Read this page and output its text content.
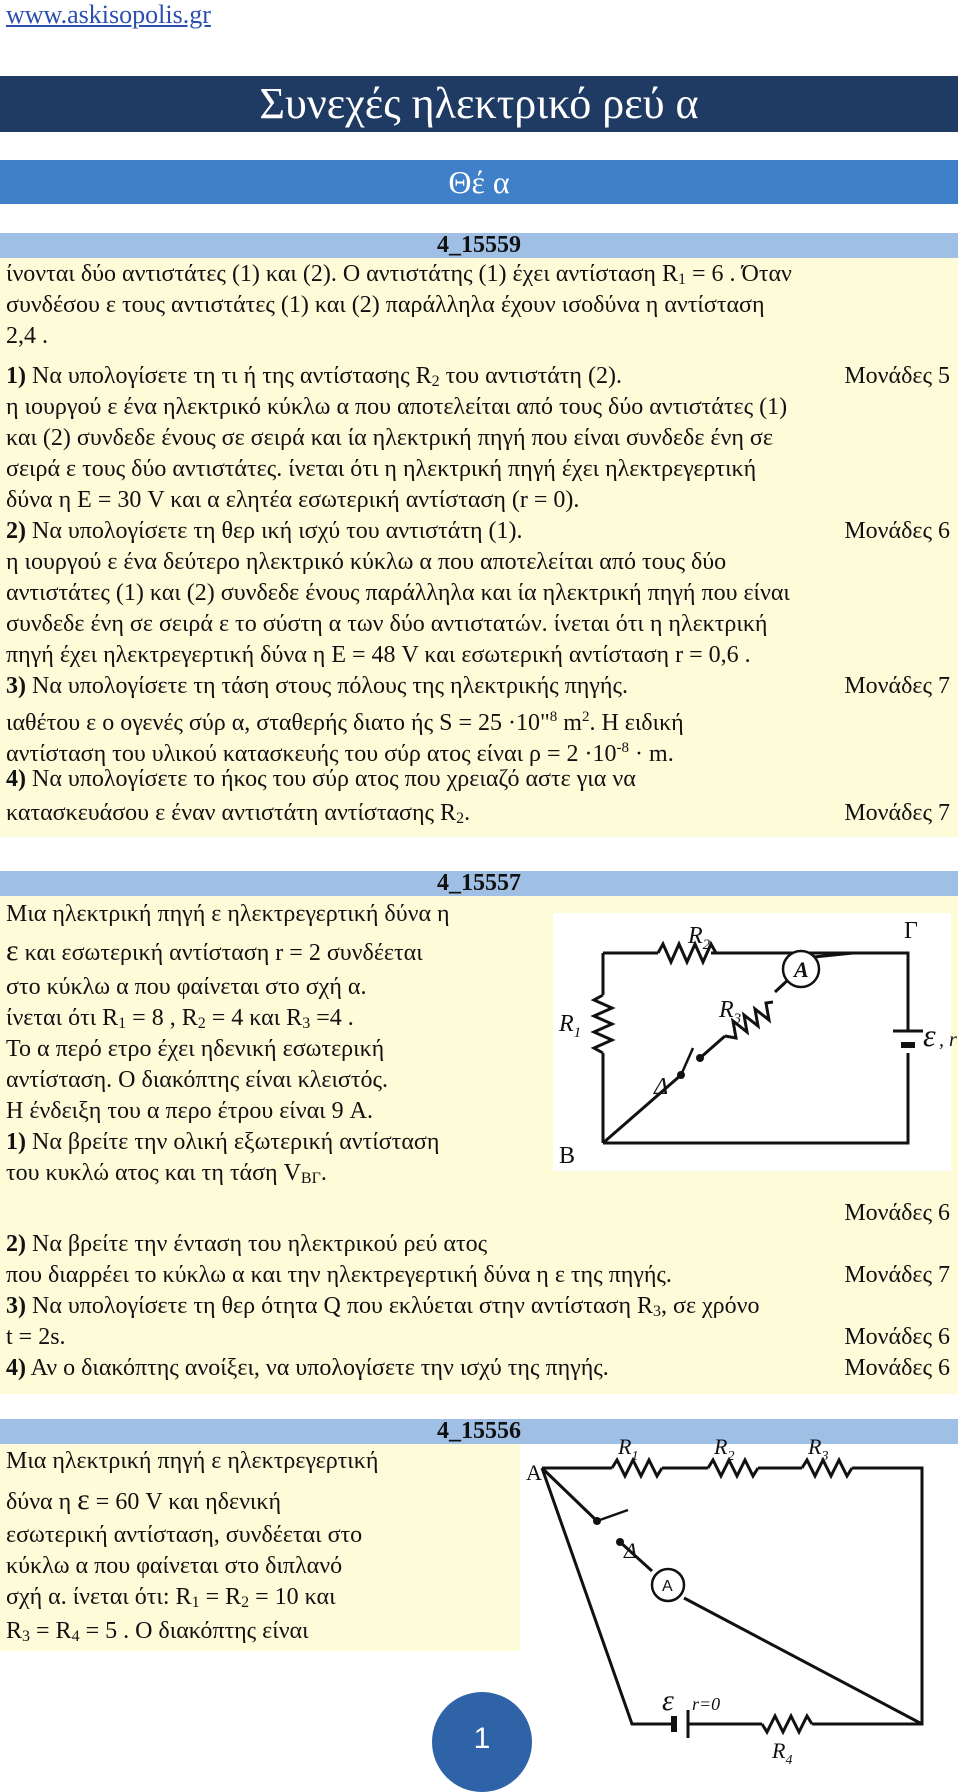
www.askisopolis.gr
Συνεχές ηλεκτρικό ρεύ α
Θέ α
4_15559
ίνονται δύο αντιστάτες (1) και (2). Ο αντιστάτης (1) έχει αντίσταση R1 = 6 . Όταν
συνδέσου ε τους αντιστάτες (1) και (2) παράλληλα έχουν ισοδύνα η αντίσταση
2,4 .
1) Να υπολογίσετε τη τι ή της αντίστασης R2 του αντιστάτη (2).	Μονάδες 5
η ιουργού ε ένα ηλεκτρικό κύκλω α που αποτελείται από τους δύο αντιστάτες (1)
και (2) συνδεδε ένους σε σειρά και ία ηλεκτρική πηγή που είναι συνδεδε ένη σε
σειρά ε τους δύο αντιστάτες. ίνεται ότι η ηλεκτρική πηγή έχει ηλεκτρεγερτική
δύνα η Ε = 30 V και α ελητέα εσωτερική αντίσταση (r = 0).
2) Να υπολογίσετε τη θερ ική ισχύ του αντιστάτη (1).	Μονάδες 6
η ιουργού ε ένα δεύτερο ηλεκτρικό κύκλω α που αποτελείται από τους δύο
αντιστάτες (1) και (2) συνδεδε ένους παράλληλα και ία ηλεκτρική πηγή που είναι
συνδεδε ένη σε σειρά ε το σύστη α των δύο αντιστατών. ίνεται ότι η ηλεκτρική
πηγή έχει ηλεκτρεγερτική δύνα η Ε = 48 V και εσωτερική αντίσταση r = 0,6 .
3) Να υπολογίσετε τη τάση στους πόλους της ηλεκτρικής πηγής.	Μονάδες 7
ιαθέτου ε ο ογενές σύρ α, σταθερής διατο ής S = 25 ·10"$^8$ $m^2$. Η ειδική
αντίσταση του υλικού κατασκευής του σύρ ατος είναι $\rho = 2 \cdot 10^{-8} \cdot m$.
4) Να υπολογίσετε το ήκος του σύρ ατος που χρειαζό αστε για να
κατασκευάσου ε έναν αντιστάτη αντίστασης R2.	Μονάδες 7
4_15557
Μια ηλεκτρική πηγή ε ηλεκτρεγερτική δύνα η
ε και εσωτερική αντίσταση r = 2 συνδέεται
στο κύκλω α που φαίνεται στο σχή α.
ίνεται ότι R1 = 8 , R2 = 4 και R3 =4 .
Το α περό ετρο έχει ηδενική εσωτερική
αντίσταση. Ο διακόπτης είναι κλειστός.
Η ένδειξη του α περο έτρου είναι 9 A.
1) Να βρείτε την ολική εξωτερική αντίσταση
του κυκλώ ατος και τη τάση VΒΓ.
Μονάδες 6
2) Να βρείτε την ένταση του ηλεκτρικού ρεύ ατος
που διαρρέει το κύκλω α και την ηλεκτρεγερτική δύνα η ε της πηγής.	Μονάδες 7
3) Να υπολογίσετε τη θερ ότητα Q που εκλύεται στην αντίσταση R3, σε χρόνο
t = 2s.	Μονάδες 6
4) Αν ο διακόπτης ανοίξει, να υπολογίσετε την ισχύ της πηγής.	Μονάδες 6
Α
$R_2$
$R_1$
$R_3$
Γ
Δ
B
ε , r
4_15556
Μια ηλεκτρική πηγή ε ηλεκτρεγερτική
δύνα η ε = 60 V και ηδενική
εσωτερική αντίσταση, συνδέεται στο
κύκλω α που φαίνεται στο διπλανό
σχή α. ίνεται ότι: R1 = R2 = 10 και
R3 = R4 = 5 . Ο διακόπτης είναι
A
A
$R_1$	$R_2$	$R_3$
$R_4$
Δ
ε r=0
1
